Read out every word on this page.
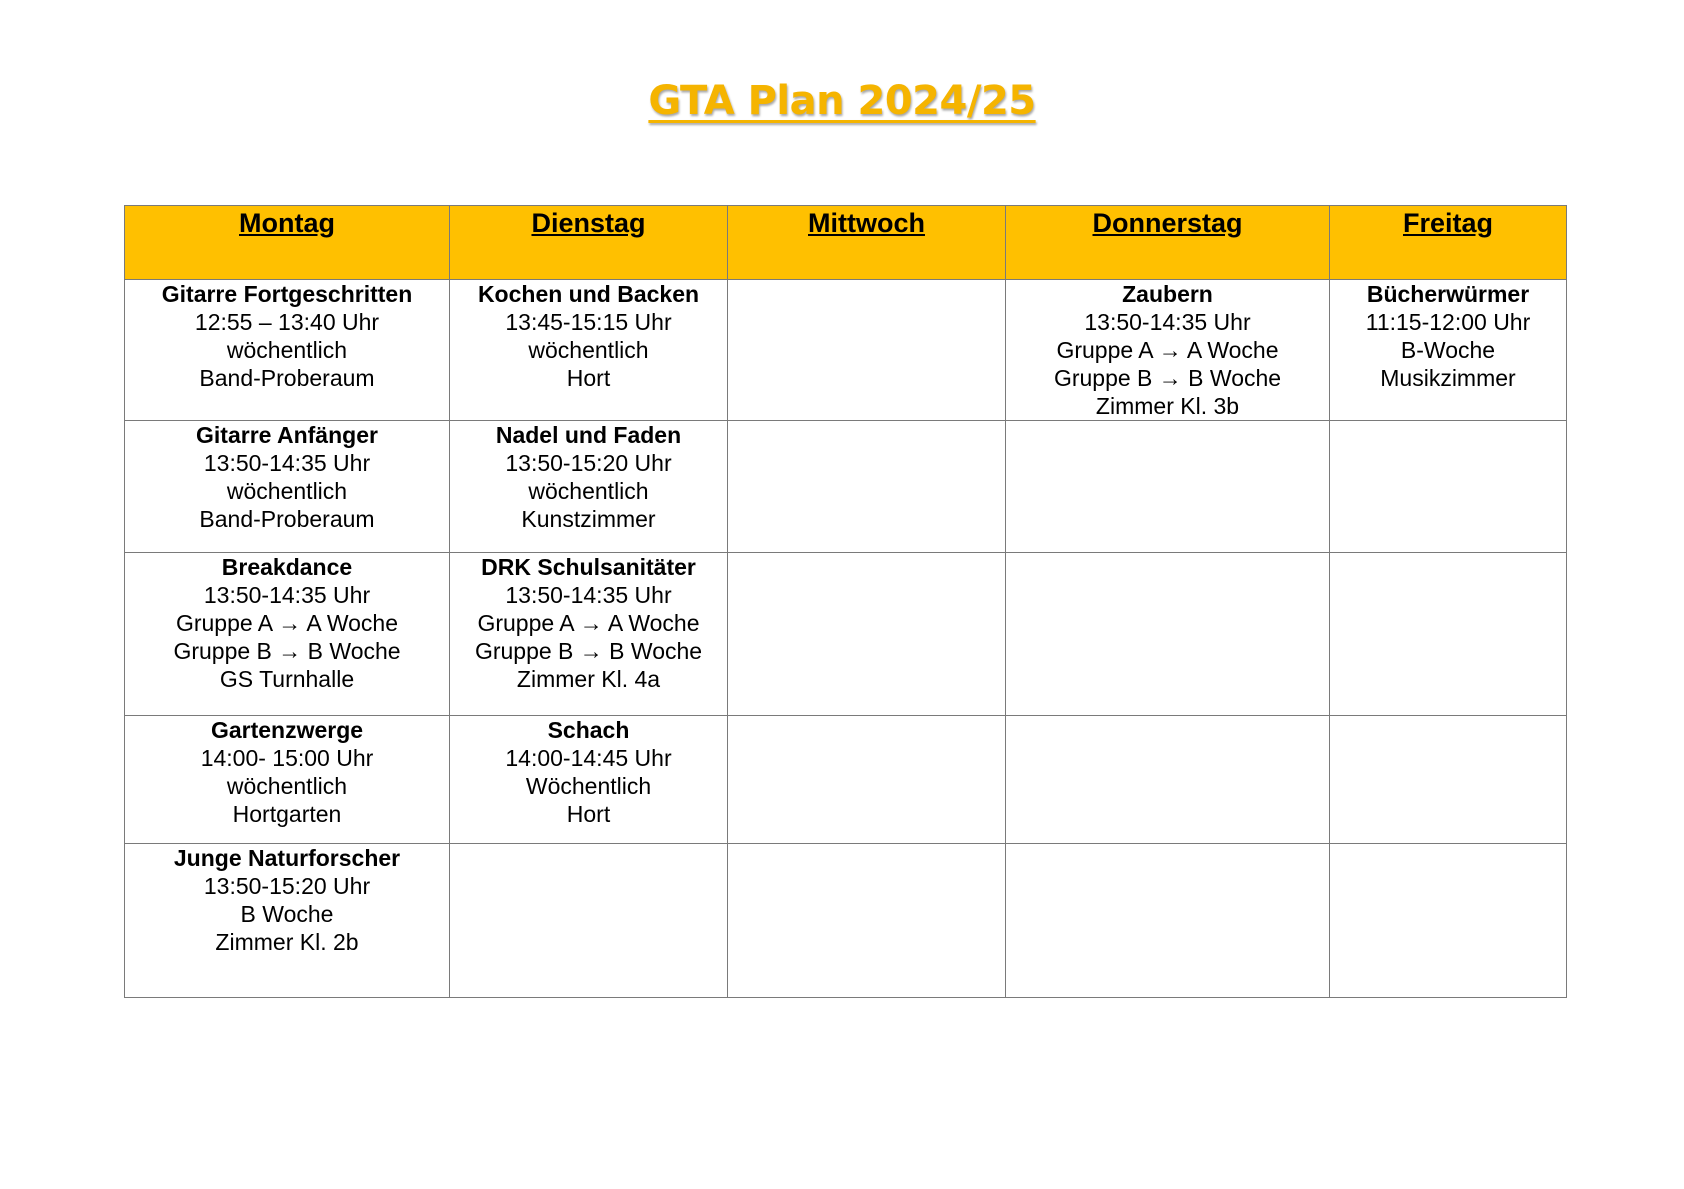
GTA Plan 2024/25
Montag	Dienstag	Mittwoch	Donnerstag	Freitag

Gitarre Fortgeschritten
12:55 – 13:40 Uhr
wöchentlich
Band-Proberaum	Kochen und Backen
13:45-15:15 Uhr
wöchentlich
Hort		Zaubern
13:50-14:35 Uhr
Gruppe A → A Woche
Gruppe B → B Woche
Zimmer Kl. 3b	Bücherwürmer
11:15-12:00 Uhr
B-Woche
Musikzimmer

Gitarre Anfänger
13:50-14:35 Uhr
wöchentlich
Band-Proberaum	Nadel und Faden
13:50-15:20 Uhr
wöchentlich
Kunstzimmer			

Breakdance
13:50-14:35 Uhr
Gruppe A → A Woche
Gruppe B → B Woche
GS Turnhalle	DRK Schulsanitäter
13:50-14:35 Uhr
Gruppe A → A Woche
Gruppe B → B Woche
Zimmer Kl. 4a			

Gartenzwerge
14:00- 15:00 Uhr
wöchentlich
Hortgarten	Schach
14:00-14:45 Uhr
Wöchentlich
Hort			

Junge Naturforscher
13:50-15:20 Uhr
B Woche
Zimmer Kl. 2b				
